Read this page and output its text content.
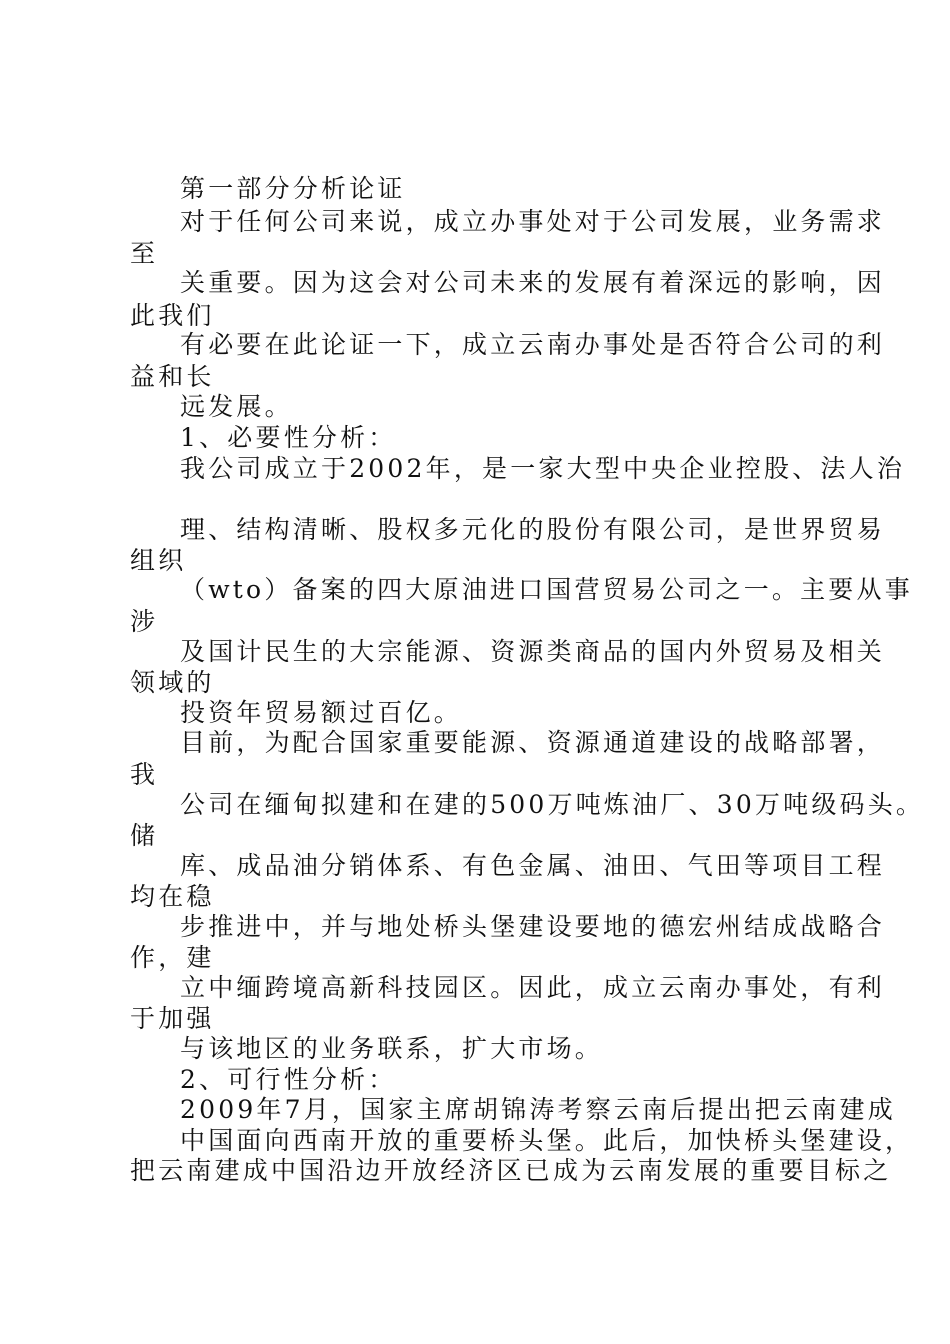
第一部分分析论证

对于任何公司来说，成立办事处对于公司发展，业务需求

至

关重要。因为这会对公司未来的发展有着深远的影响，因

此我们

有必要在此论证一下，成立云南办事处是否符合公司的利

益和长

远发展。

1、必要性分析：

我公司成立于2002年，是一家大型中央企业控股、法人治

理、结构清晰、股权多元化的股份有限公司，是世界贸易

组织

（wto）备案的四大原油进口国营贸易公司之一。主要从事

涉

及国计民生的大宗能源、资源类商品的国内外贸易及相关

领域的

投资年贸易额过百亿。

目前，为配合国家重要能源、资源通道建设的战略部署，

我

公司在缅甸拟建和在建的500万吨炼油厂、30万吨级码头。

储

库、成品油分销体系、有色金属、油田、气田等项目工程

均在稳

步推进中，并与地处桥头堡建设要地的德宏州结成战略合

作，建

立中缅跨境高新科技园区。因此，成立云南办事处，有利

于加强

与该地区的业务联系，扩大市场。

2、可行性分析：

2009年7月，国家主席胡锦涛考察云南后提出把云南建成

中国面向西南开放的重要桥头堡。此后，加快桥头堡建设，

把云南建成中国沿边开放经济区已成为云南发展的重要目标之
